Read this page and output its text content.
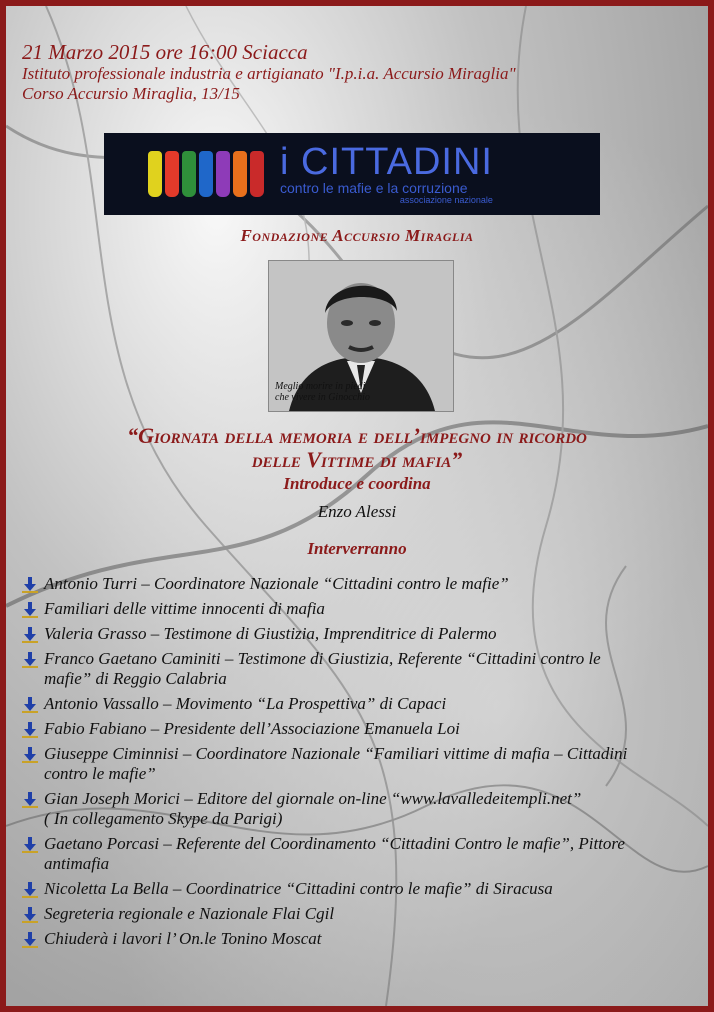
21 Marzo 2015 ore 16:00 Sciacca
Istituto professionale industria e artigianato "I.p.i.a. Accursio Miraglia"
Corso Accursio Miraglia, 13/15
i CITTADINI
contro le mafie e la corruzione
associazione nazionale
Fondazione Accursio Miraglia
Meglio morire in piedi
che vivere in Ginocchio
“Giornata della memoria e dell’impegno in ricordo
delle Vittime di mafia”
Introduce e coordina
Enzo Alessi
Interverranno
Antonio Turri – Coordinatore Nazionale “Cittadini contro le mafie”
Familiari delle vittime innocenti di mafia
Valeria Grasso – Testimone di Giustizia, Imprenditrice di Palermo
Franco Gaetano Caminiti – Testimone di Giustizia, Referente “Cittadini contro le
mafie” di Reggio Calabria
Antonio Vassallo – Movimento “La Prospettiva” di Capaci
Fabio Fabiano – Presidente dell’Associazione Emanuela Loi
Giuseppe Ciminnisi – Coordinatore Nazionale “Familiari vittime di mafia – Cittadini
contro le mafie”
Gian Joseph Morici – Editore del giornale on-line “www.lavalledeitempli.net”
( In collegamento Skype da Parigi)
Gaetano Porcasi – Referente del Coordinamento “Cittadini Contro le mafie”, Pittore
antimafia
Nicoletta La Bella – Coordinatrice “Cittadini contro le mafie” di Siracusa
Segreteria regionale e Nazionale Flai Cgil
Chiuderà i lavori l’ On.le Tonino Moscat
